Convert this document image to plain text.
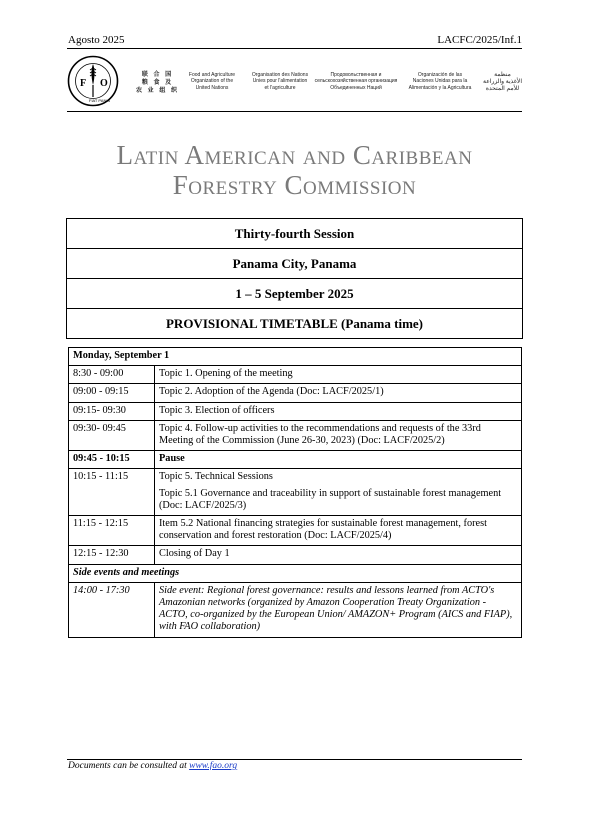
Agosto 2025	LACFC/2025/Inf.1
F O
FIAT PANIS
联 合 国
粮 食 及
农 业 组 织
Food and Agriculture
Organization of the
United Nations
Organisation des Nations
Unies pour l'alimentation
et l'agriculture
Продовольственная и
сельскохозяйственная организация
Объединенных Наций
Organización de las
Naciones Unidas para la
Alimentación y la Agricultura
منظمة
الأغذية والزراعة
للأمم المتحدة
Latin American and Caribbean
Forestry Commission
Thirty-fourth Session
Panama City, Panama
1 – 5 September 2025
PROVISIONAL TIMETABLE (Panama time)
Monday, September 1	
8:30 - 09:00	Topic 1. Opening of the meeting
09:00 - 09:15	Topic 2. Adoption of the Agenda (Doc: LACF/2025/1)
09:15- 09:30	Topic 3. Election of officers
09:30- 09:45	Topic 4. Follow-up activities to the recommendations and requests of the 33rd Meeting of the Commission (June 26-30, 2023) (Doc: LACF/2025/2)
09:45 - 10:15	Pause
10:15 - 11:15	Topic 5. Technical Sessions
Topic 5.1 Governance and traceability in support of sustainable forest management (Doc: LACF/2025/3)

11:15 - 12:15	Item 5.2 National financing strategies for sustainable forest management, forest conservation and forest restoration (Doc: LACF/2025/4)
12:15 - 12:30	Closing of Day 1
Side events and meetings	
14:00 - 17:30	Side event: Regional forest governance: results and lessons learned from ACTO's Amazonian networks (organized by Amazon Cooperation Treaty Organization - ACTO, co-organized by the European Union/ AMAZON+ Program (AICS and FIAP), with FAO collaboration)
Documents can be consulted at www.fao.org
